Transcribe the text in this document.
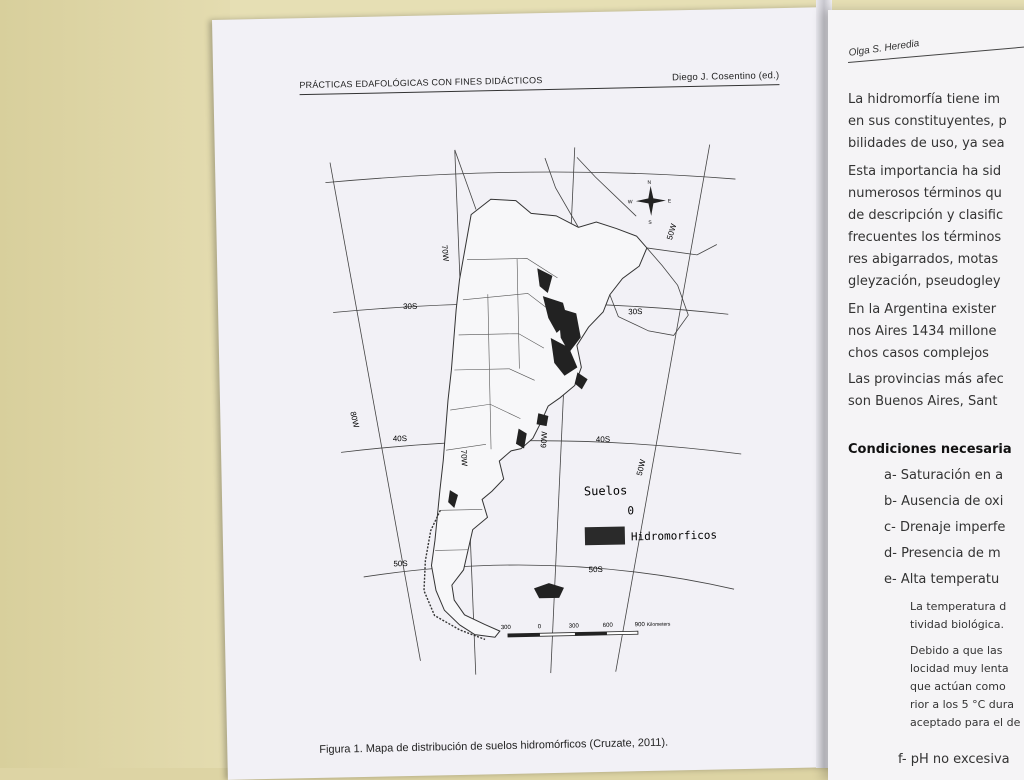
PRÁCTICAS EDAFOLÓGICAS CON FINES DIDÁCTICOS	Diego J. Cosentino (ed.)
70W
50W
80W
70W
60W
50W
30S
30S
40S	40S
50S
50S
N
S
E
W
Suelos
0
Hidromorficos
300	0	300	600	900 Kilometers
Figura 1. Mapa de distribución de suelos hidromórficos (Cruzate, 2011).
Olga S. Heredia
La hidromorfía tiene im
en sus constituyentes, p
bilidades de uso, ya sea
Esta importancia ha sid
numerosos términos qu
de descripción y clasific
frecuentes los términos
res abigarrados, motas
gleyzación, pseudogley
En la Argentina exister
nos Aires 1434 millone
chos casos complejos
Las provincias más afec
son Buenos Aires, Sant
Condiciones necesaria
a- Saturación en a
b- Ausencia de oxi
c- Drenaje imperfe
d- Presencia de m
e- Alta temperatu
La temperatura d
tividad biológica.
Debido a que las
locidad muy lenta
que actúan como
rior a los 5 °C dura
aceptado para el de
f- pH no excesiva
